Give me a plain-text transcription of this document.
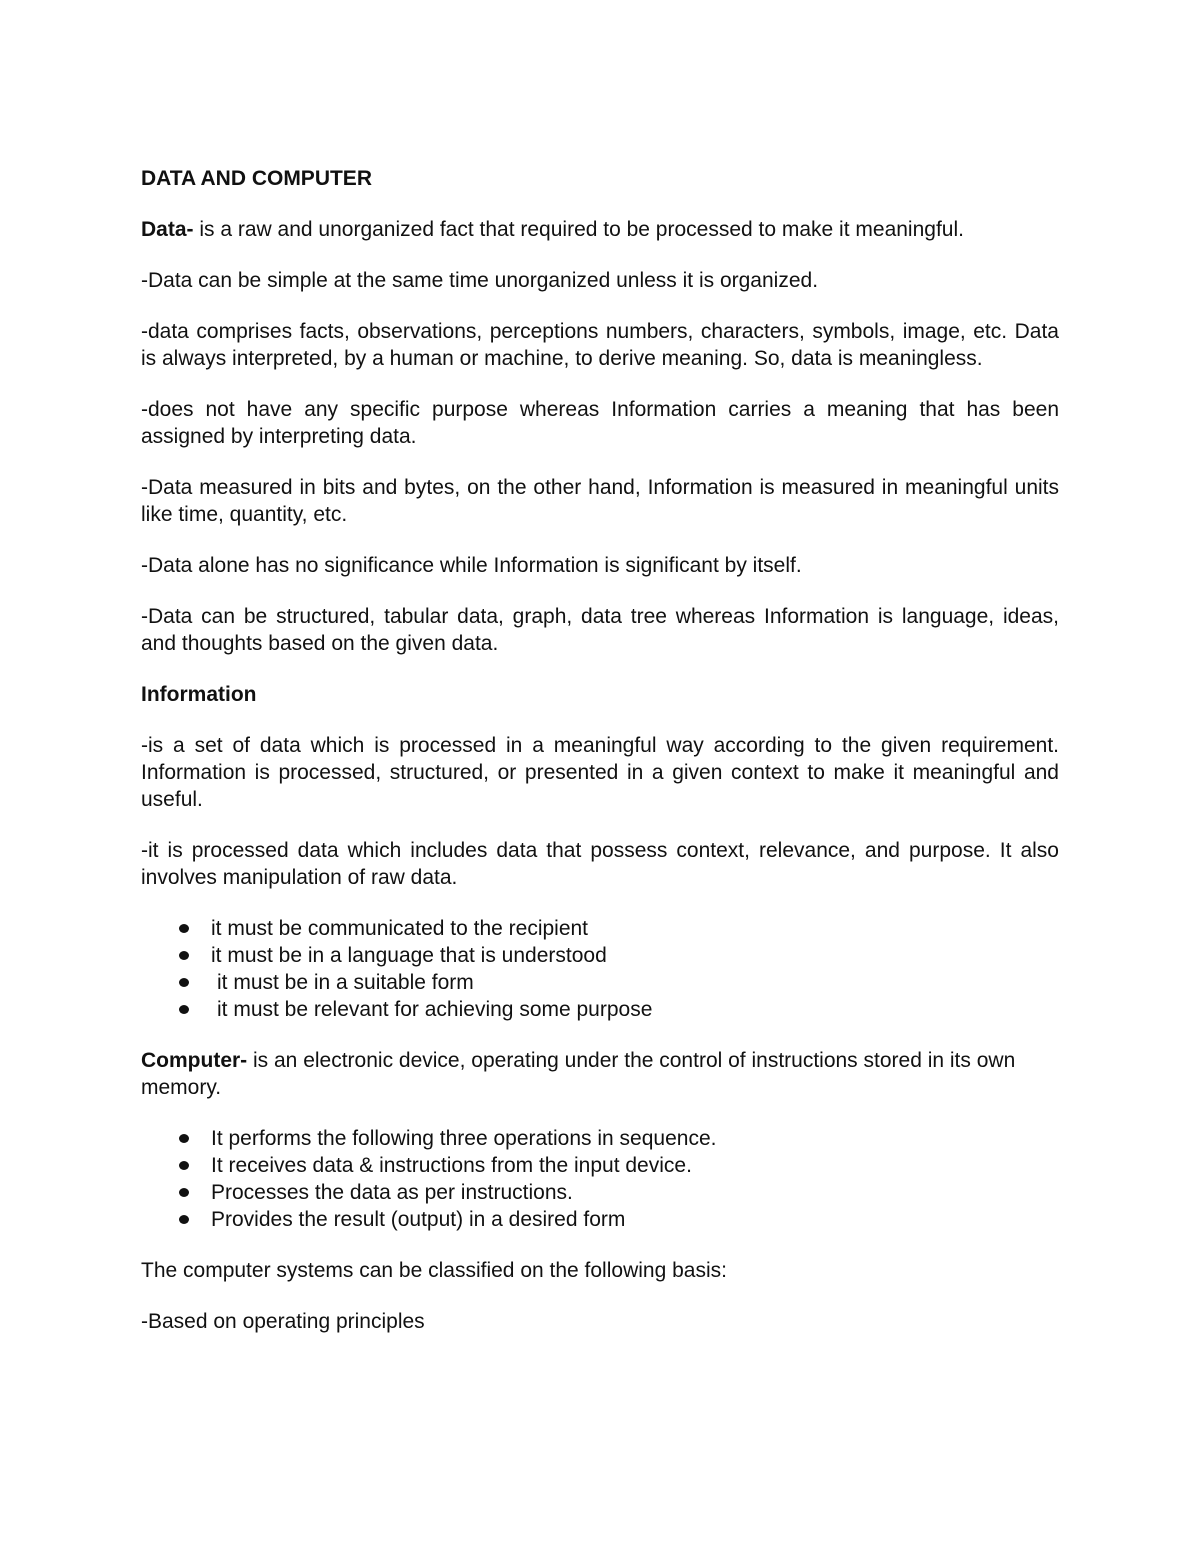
DATA AND COMPUTER

Data- is a raw and unorganized fact that required to be processed to make it meaningful.

-Data can be simple at the same time unorganized unless it is organized.

-data comprises facts, observations, perceptions numbers, characters, symbols, image, etc. Data is always interpreted, by a human or machine, to derive meaning. So, data is meaningless.

-does not have any specific purpose whereas Information carries a meaning that has been assigned by interpreting data.

-Data measured in bits and bytes, on the other hand, Information is measured in meaningful units like time, quantity, etc.

-Data alone has no significance while Information is significant by itself.

-Data can be structured, tabular data, graph, data tree whereas Information is language, ideas, and thoughts based on the given data.

Information

-is a set of data which is processed in a meaningful way according to the given requirement. Information is processed, structured, or presented in a given context to make it meaningful and useful.

-it is processed data which includes data that possess context, relevance, and purpose. It also involves manipulation of raw data.

it must be communicated to the recipient
it must be in a language that is understood
it must be in a suitable form
it must be relevant for achieving some purpose

Computer- is an electronic device, operating under the control of instructions stored in its own memory.

It performs the following three operations in sequence.
It receives data & instructions from the input device.
Processes the data as per instructions.
Provides the result (output) in a desired form

The computer systems can be classified on the following basis:

-Based on operating principles
